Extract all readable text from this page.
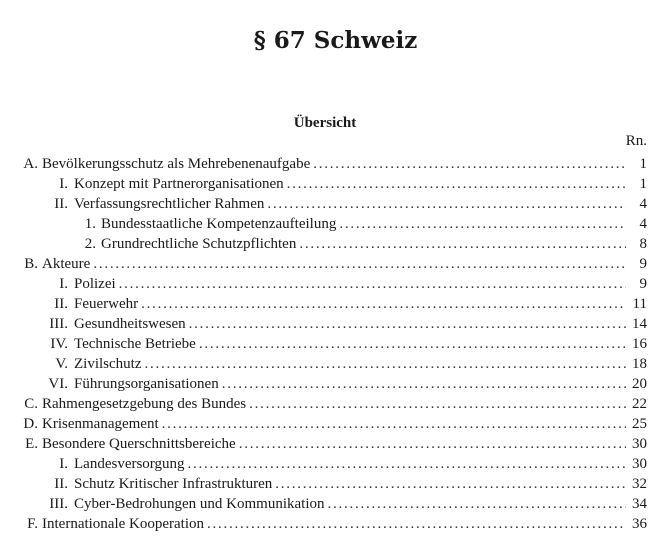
§ 67 Schweiz
Übersicht
Rn.
A. Bevölkerungsschutz als Mehrebenenaufgabe . . .	1
I. Konzept mit Partnerorganisationen . . .	1
II. Verfassungsrechtlicher Rahmen . . .	4
1. Bundesstaatliche Kompetenzaufteilung . . .	4
2. Grundrechtliche Schutzpflichten . . .	8
B. Akteure . . .	9
I. Polizei . . .	9
II. Feuerwehr . . .	11
III. Gesundheitswesen . . .	14
IV. Technische Betriebe . . .	16
V. Zivilschutz . . .	18
VI. Führungsorganisationen . . .	20
C. Rahmengesetzgebung des Bundes . . .	22
D. Krisenmanagement . . .	25
E. Besondere Querschnittsbereiche . . .	30
I. Landesversorgung . . .	30
II. Schutz Kritischer Infrastrukturen . . .	32
III. Cyber-Bedrohungen und Kommunikation . . .	34
F. Internationale Kooperation . . .	36
